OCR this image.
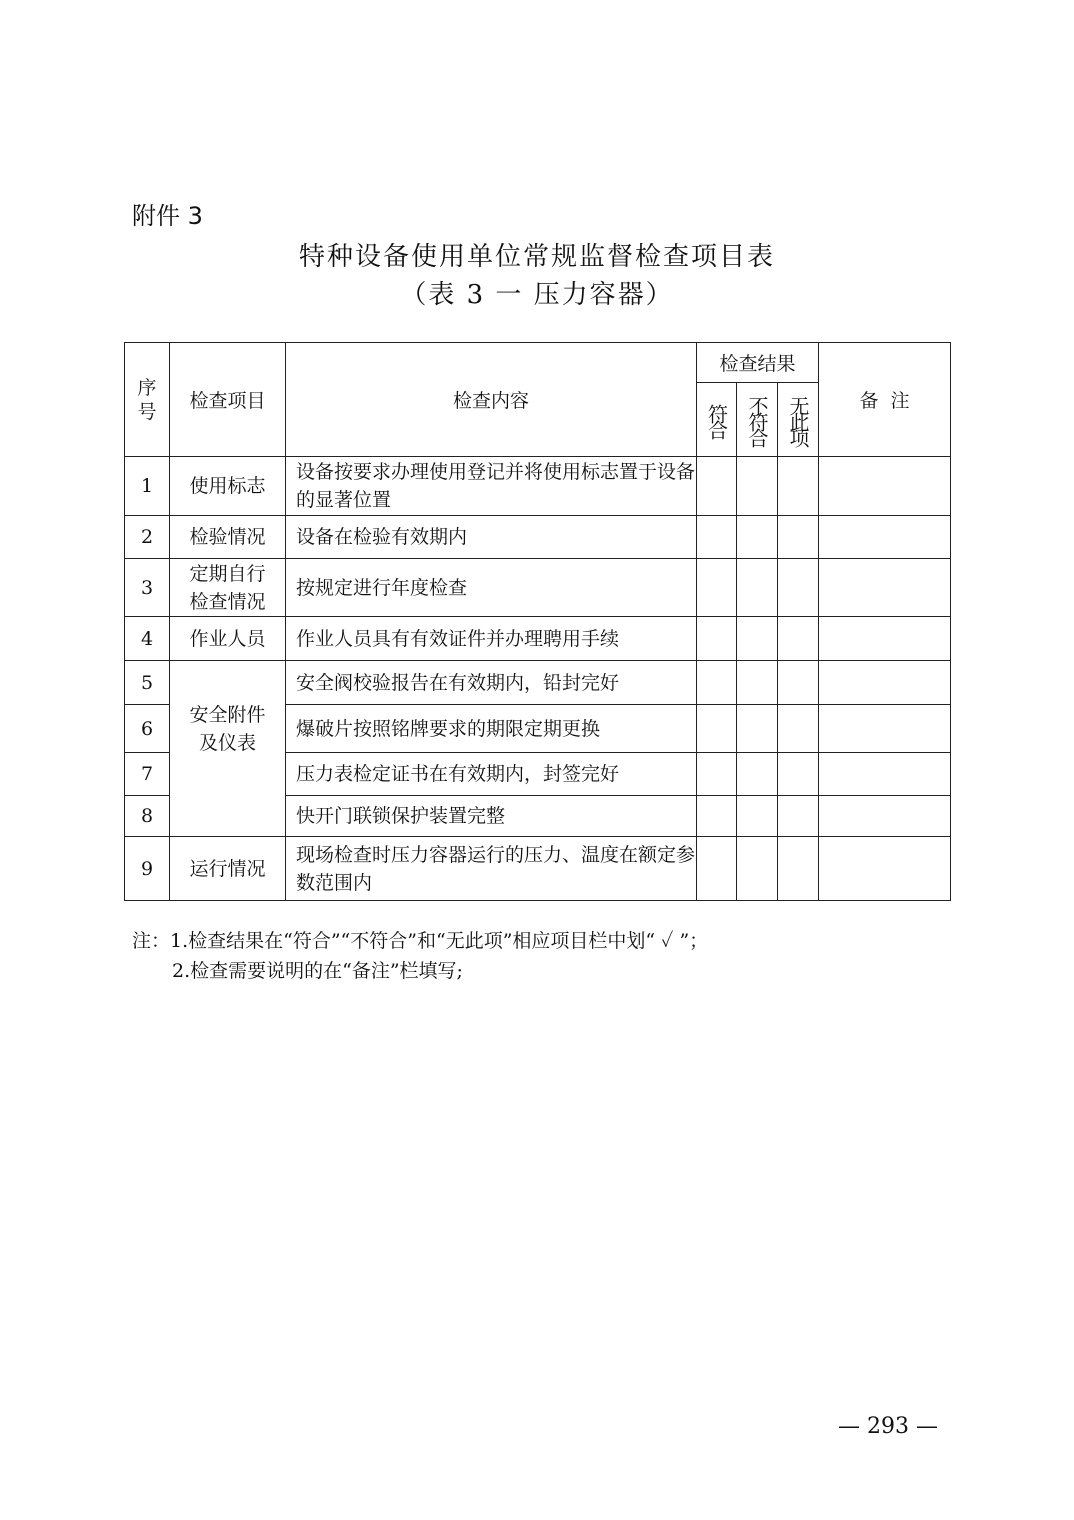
附件 3
特种设备使用单位常规监督检查项目表
（表 3 一 压力容器）
序号	检查项目	检查内容	检查结果			备  注

			符合	不符合	无此项	

1	使用标志	设备按要求办理使用登记并将使用标志置于设备的显著位置				

2	检验情况	设备在检验有效期内				
3	定期自行检查情况	按规定进行年度检查				
4	作业人员	作业人员具有有效证件并办理聘用手续				
5	安全附件及仪表	安全阀校验报告在有效期内，铅封完好				
6		爆破片按照铭牌要求的期限定期更换				
7		压力表检定证书在有效期内，封签完好				
8		快开门联锁保护装置完整				
9	运行情况	现场检查时压力容器运行的压力、温度在额定参数范围内				

注：1.检查结果在“符合”“不符合”和“无此项”相应项目栏中划“ ✓ ”；
2.检查需要说明的在“备注”栏填写;
— 293 —
